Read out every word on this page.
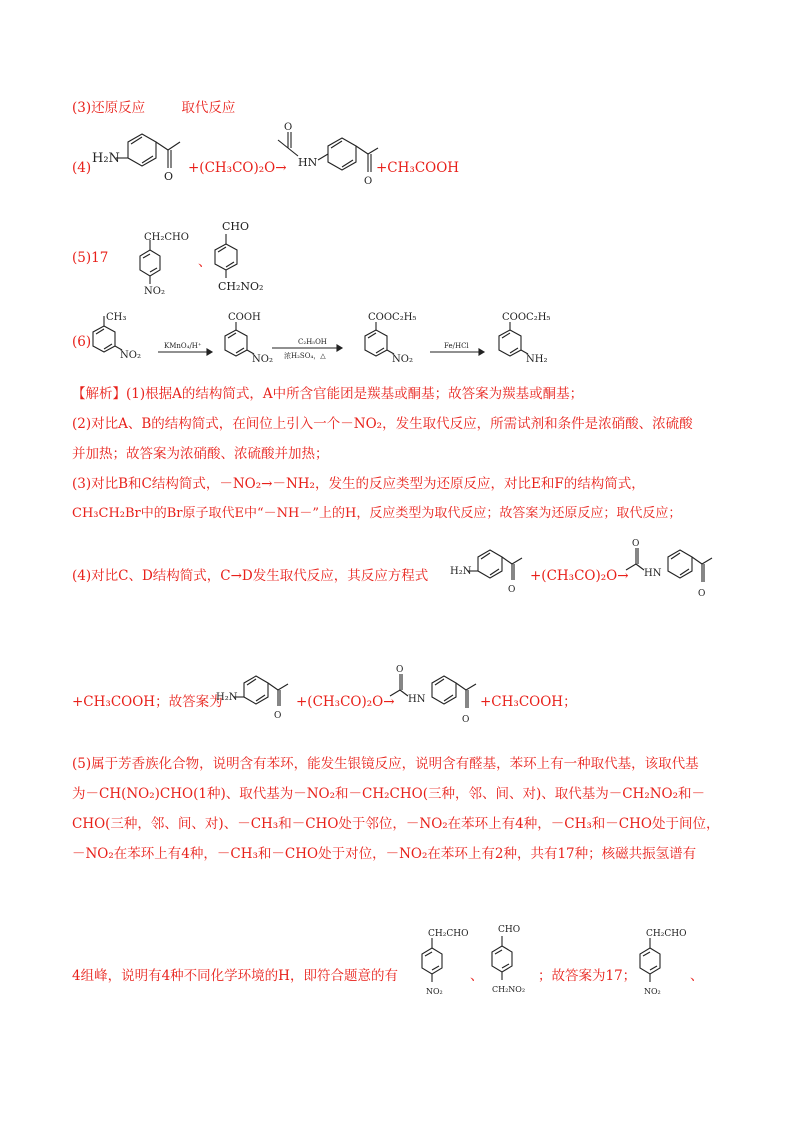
(3)还原反应	取代反应
(4)
H₂N
O
+(CH₃CO)₂O→
O
HN
O
+CH₃COOH
(5)17
CH₂CHO
NO₂
、
CHO
CH₂NO₂
(6)
CH₃
NO₂
KMnO₄/H⁺
COOH
NO₂
C₂H₅OH
浓H₂SO₄，△
COOC₂H₅
NO₂
Fe/HCl
COOC₂H₅
NH₂
【解析】(1)根据A的结构简式，A中所含官能团是羰基或酮基；故答案为羰基或酮基；
(2)对比A、B的结构简式，在间位上引入一个－NO₂，发生取代反应，所需试剂和条件是浓硝酸、浓硫酸
并加热；故答案为浓硝酸、浓硫酸并加热；
(3)对比B和C结构简式，－NO₂→－NH₂，发生的反应类型为还原反应，对比E和F的结构简式，
CH₃CH₂Br中的Br原子取代E中“－NH－”上的H，反应类型为取代反应；故答案为还原反应；取代反应；
(4)对比C、D结构简式，C→D发生取代反应，其反应方程式 H₂N
O
+(CH₃CO)₂O→
O
HN
O
+CH₃COOH；故答案为
H₂N
O
+(CH₃CO)₂O→
O
HN
O
+CH₃COOH；
(5)属于芳香族化合物，说明含有苯环，能发生银镜反应，说明含有醛基，苯环上有一种取代基，该取代基
为－CH(NO₂)CHO(1种)、取代基为－NO₂和－CH₂CHO(三种，邻、间、对)、取代基为－CH₂NO₂和－
CHO(三种，邻、间、对)、－CH₃和－CHO处于邻位，－NO₂在苯环上有4种，－CH₃和－CHO处于间位，
－NO₂在苯环上有4种，－CH₃和－CHO处于对位，－NO₂在苯环上有2种，共有17种；核磁共振氢谱有
4组峰，说明有4种不同化学环境的H，即符合题意的有
CH₂CHO
NO₂
、
CHO
CH₂NO₂
；故答案为17；
CH₂CHO
NO₂
、
